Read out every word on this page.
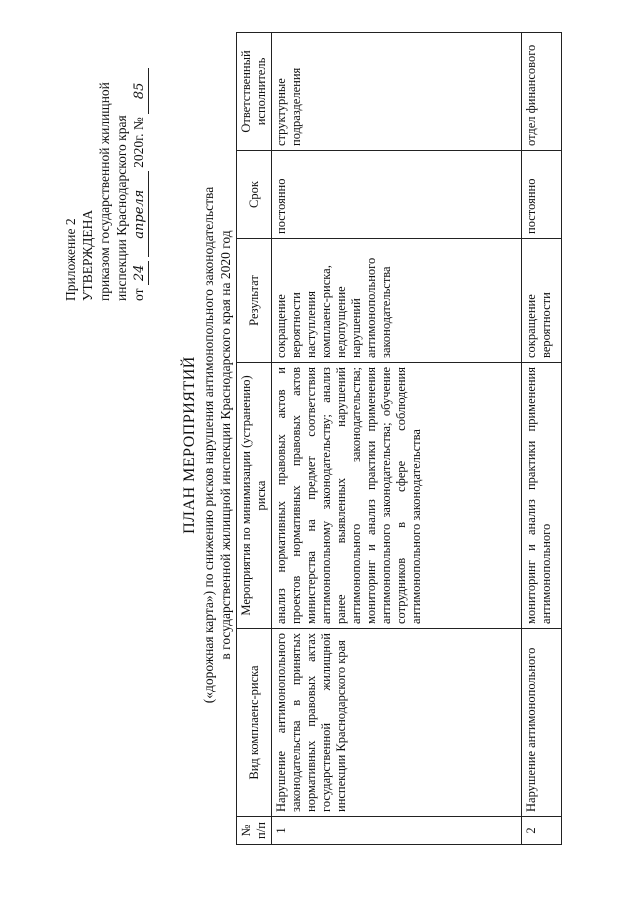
Приложение 2 УТВЕРЖДЕНА приказом государственной жилищной инспекции Краснодарского края от 24 апреля 2020г. № 85
ПЛАН МЕРОПРИЯТИЙ («дорожная карта») по снижению рисков нарушения антимонопольного законодательства в государственной жилищной инспекции Краснодарского края на 2020 год
№ п/п	Вид комплаенс-риска	Мероприятия по минимизации (устранению) риска	Результат	Срок	Ответственный исполнитель
1	Нарушение антимонопольного законодательства в принятых нормативных правовых актах государственной жилищной инспекции Краснодарского края	анализ нормативных правовых актов и проектов нормативных правовых актов министерства на предмет соответствия антимонопольному законодательству; анализ ранее выявленных нарушений антимонопольного законодательства; мониторинг и анализ практики применения антимонопольного законодательства; обучение сотрудников в сфере соблюдения антимонопольного законодательства	сокращение вероятности наступления комплаенс-риска, недопущение нарушений антимонопольного законодательства	постоянно	структурные подразделения
2	Нарушение антимонопольного	мониторинг и анализ практики применения антимонопольного	сокращение вероятности	постоянно	отдел финансового
